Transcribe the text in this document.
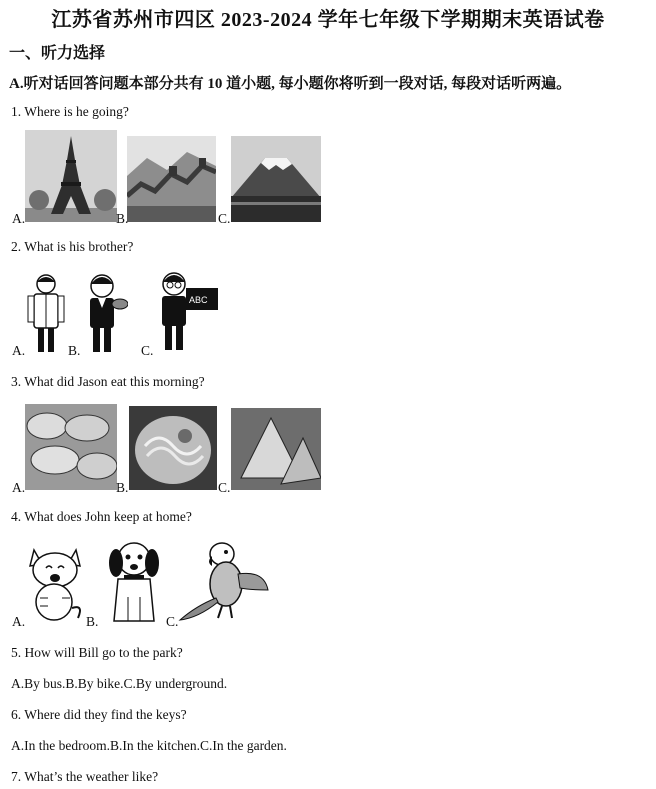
江苏省苏州市四区 2023-2024 学年七年级下学期期末英语试卷
一、听力选择
A.听对话回答问题本部分共有 10 道小题, 每小题你将听到一段对话, 每段对话听两遍。
1. Where is he going?
A.	B.	C.
2. What is his brother?
ABC
A.	B.	C.
3. What did Jason eat this morning?
A.	B.	C.
4. What does John keep at home?
A.	B.	C.
5. How will Bill go to the park?
A.By bus.B.By bike.C.By underground.
6. Where did they find the keys?
A.In the bedroom.B.In the kitchen.C.In the garden.
7. What’s the weather like?
